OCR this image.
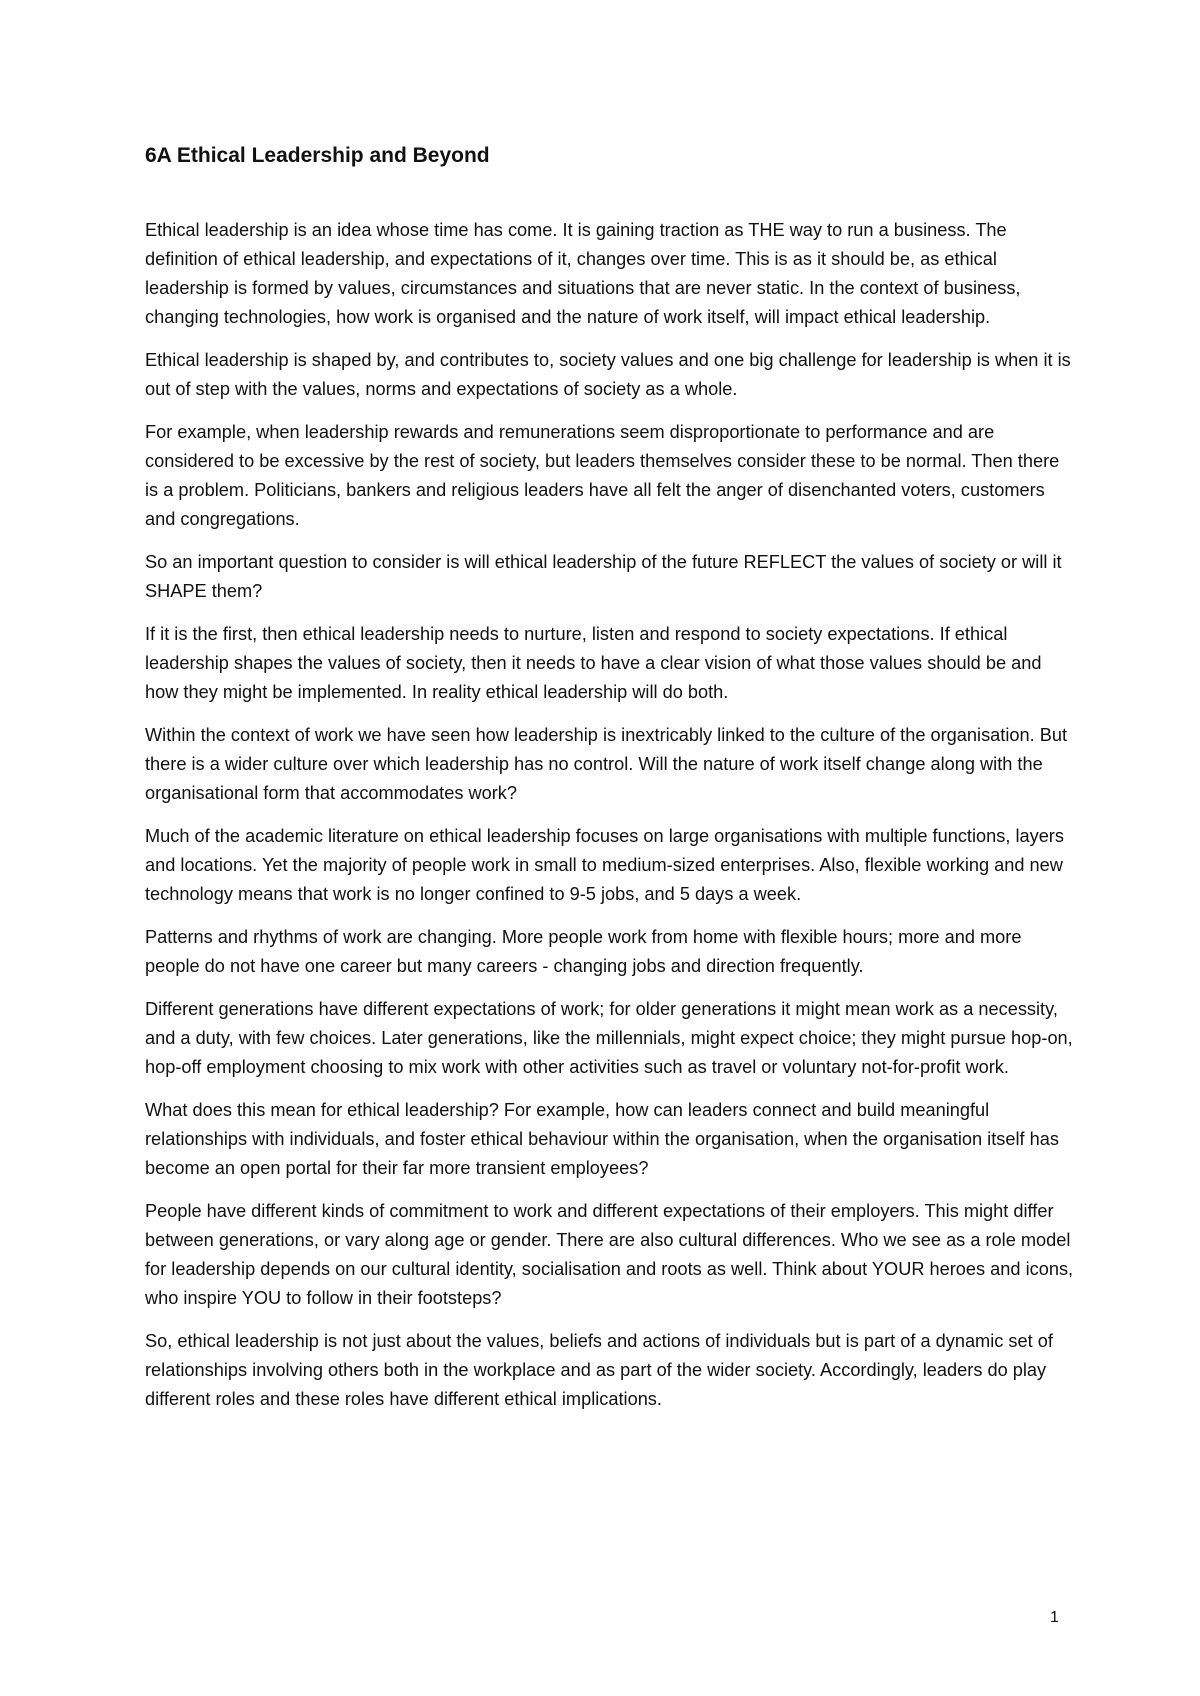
6A Ethical Leadership and Beyond

Ethical leadership is an idea whose time has come. It is gaining traction as THE way to run a business. The definition of ethical leadership, and expectations of it, changes over time. This is as it should be, as ethical leadership is formed by values, circumstances and situations that are never static. In the context of business, changing technologies, how work is organised and the nature of work itself, will impact ethical leadership.

Ethical leadership is shaped by, and contributes to, society values and one big challenge for leadership is when it is out of step with the values, norms and expectations of society as a whole.

For example, when leadership rewards and remunerations seem disproportionate to performance and are considered to be excessive by the rest of society, but leaders themselves consider these to be normal. Then there is a problem. Politicians, bankers and religious leaders have all felt the anger of disenchanted voters, customers and congregations.

So an important question to consider is will ethical leadership of the future REFLECT the values of society or will it SHAPE them?

If it is the first, then ethical leadership needs to nurture, listen and respond to society expectations. If ethical leadership shapes the values of society, then it needs to have a clear vision of what those values should be and how they might be implemented. In reality ethical leadership will do both.

Within the context of work we have seen how leadership is inextricably linked to the culture of the organisation. But there is a wider culture over which leadership has no control. Will the nature of work itself change along with the organisational form that accommodates work?

Much of the academic literature on ethical leadership focuses on large organisations with multiple functions, layers and locations. Yet the majority of people work in small to medium-sized enterprises. Also, flexible working and new technology means that work is no longer confined to 9-5 jobs, and 5 days a week.

Patterns and rhythms of work are changing. More people work from home with flexible hours; more and more people do not have one career but many careers - changing jobs and direction frequently.

Different generations have different expectations of work; for older generations it might mean work as a necessity, and a duty, with few choices. Later generations, like the millennials, might expect choice; they might pursue hop-on, hop-off employment choosing to mix work with other activities such as travel or voluntary not-for-profit work.

What does this mean for ethical leadership? For example, how can leaders connect and build meaningful relationships with individuals, and foster ethical behaviour within the organisation, when the organisation itself has become an open portal for their far more transient employees?

People have different kinds of commitment to work and different expectations of their employers. This might differ between generations, or vary along age or gender. There are also cultural differences. Who we see as a role model for leadership depends on our cultural identity, socialisation and roots as well. Think about YOUR heroes and icons, who inspire YOU to follow in their footsteps?

So, ethical leadership is not just about the values, beliefs and actions of individuals but is part of a dynamic set of relationships involving others both in the workplace and as part of the wider society. Accordingly, leaders do play different roles and these roles have different ethical implications.

1
